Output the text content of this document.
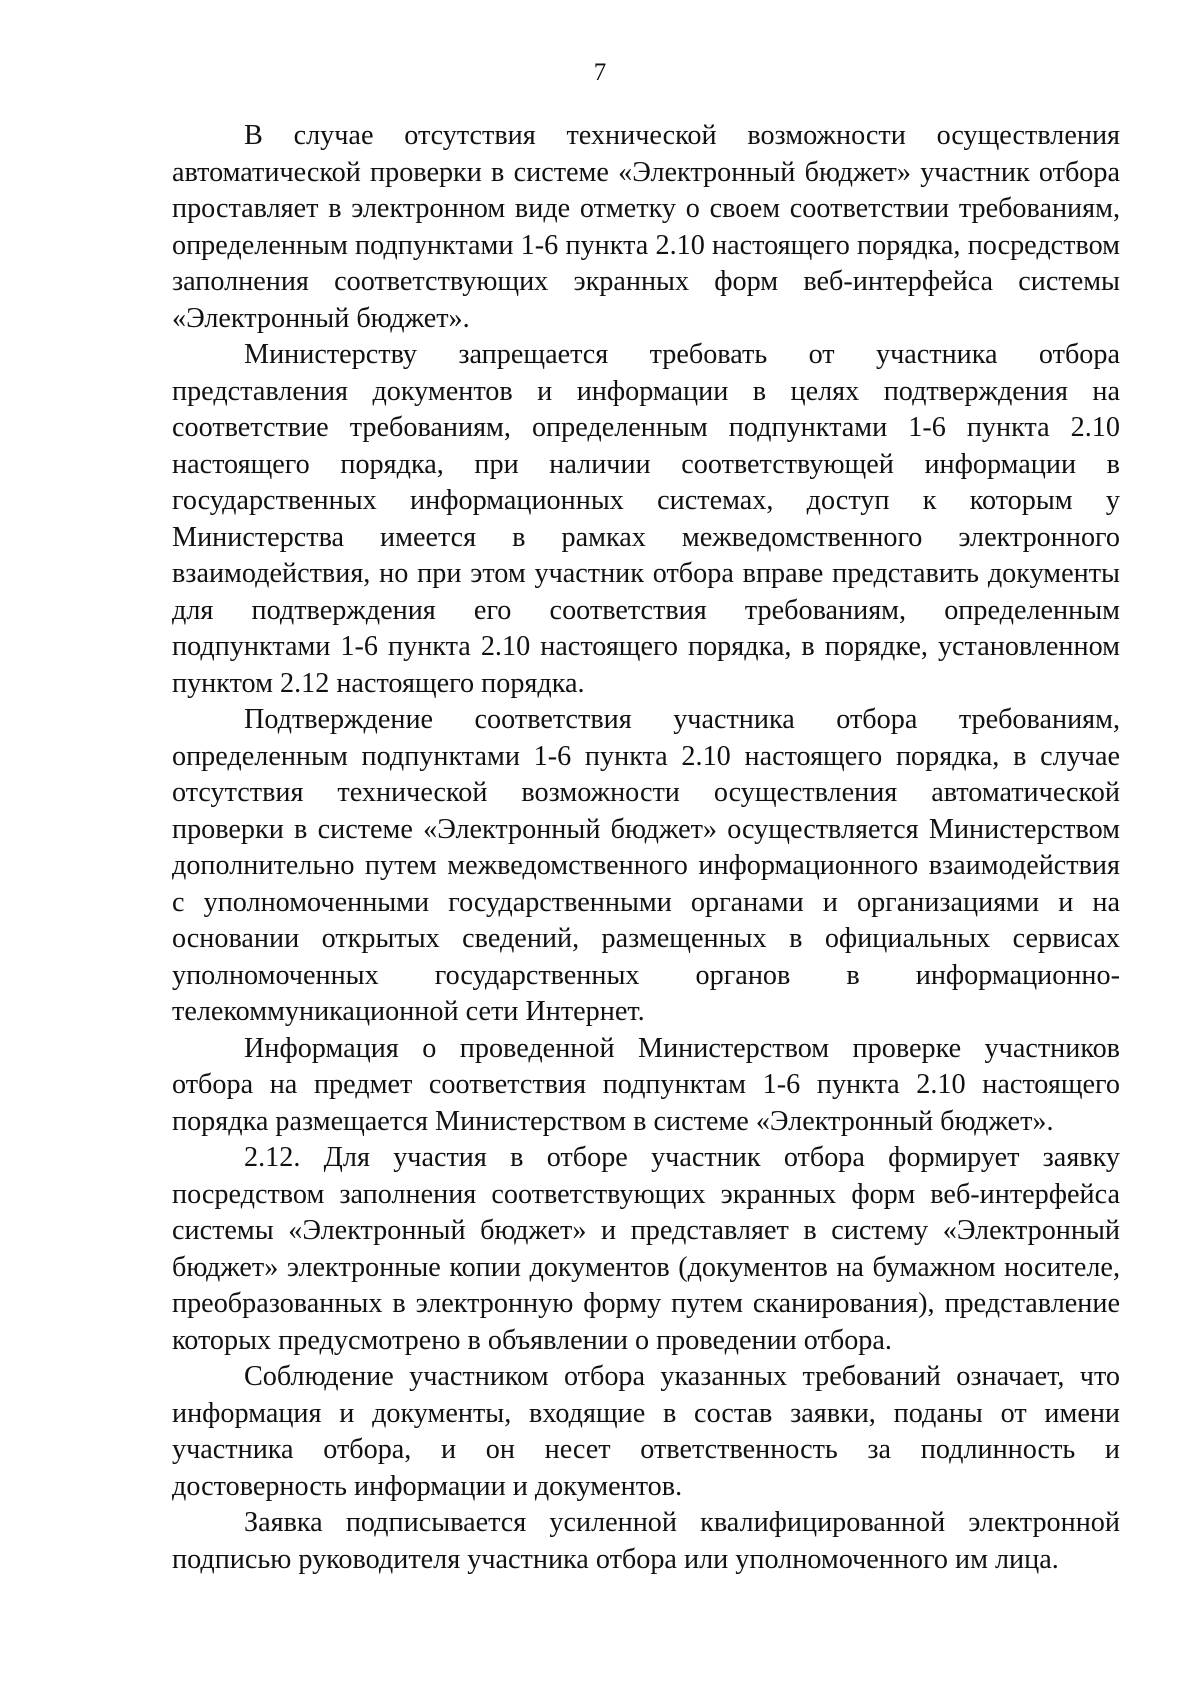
7

В случае отсутствия технической возможности осуществления автоматической проверки в системе «Электронный бюджет» участник отбора проставляет в электронном виде отметку о своем соответствии требованиям, определенным подпунктами 1-6 пункта 2.10 настоящего порядка, посредством заполнения соответствующих экранных форм веб-интерфейса системы «Электронный бюджет».

Министерству запрещается требовать от участника отбора представления документов и информации в целях подтверждения на соответствие требованиям, определенным подпунктами 1-6 пункта 2.10 настоящего порядка, при наличии соответствующей информации в государственных информационных системах, доступ к которым у Министерства имеется в рамках межведомственного электронного взаимодействия, но при этом участник отбора вправе представить документы для подтверждения его соответствия требованиям, определенным подпунктами 1-6 пункта 2.10 настоящего порядка, в порядке, установленном пунктом 2.12 настоящего порядка.

Подтверждение соответствия участника отбора требованиям, определенным подпунктами 1-6 пункта 2.10 настоящего порядка, в случае отсутствия технической возможности осуществления автоматической проверки в системе «Электронный бюджет» осуществляется Министерством дополнительно путем межведомственного информационного взаимодействия с уполномоченными государственными органами и организациями и на основании открытых сведений, размещенных в официальных сервисах уполномоченных государственных органов в информационно-телекоммуникационной сети Интернет.

Информация о проведенной Министерством проверке участников отбора на предмет соответствия подпунктам 1-6 пункта 2.10 настоящего порядка размещается Министерством в системе «Электронный бюджет».

2.12. Для участия в отборе участник отбора формирует заявку посредством заполнения соответствующих экранных форм веб-интерфейса системы «Электронный бюджет» и представляет в систему «Электронный бюджет» электронные копии документов (документов на бумажном носителе, преобразованных в электронную форму путем сканирования), представление которых предусмотрено в объявлении о проведении отбора.

Соблюдение участником отбора указанных требований означает, что информация и документы, входящие в состав заявки, поданы от имени участника отбора, и он несет ответственность за подлинность и достоверность информации и документов.

Заявка подписывается усиленной квалифицированной электронной подписью руководителя участника отбора или уполномоченного им лица.
